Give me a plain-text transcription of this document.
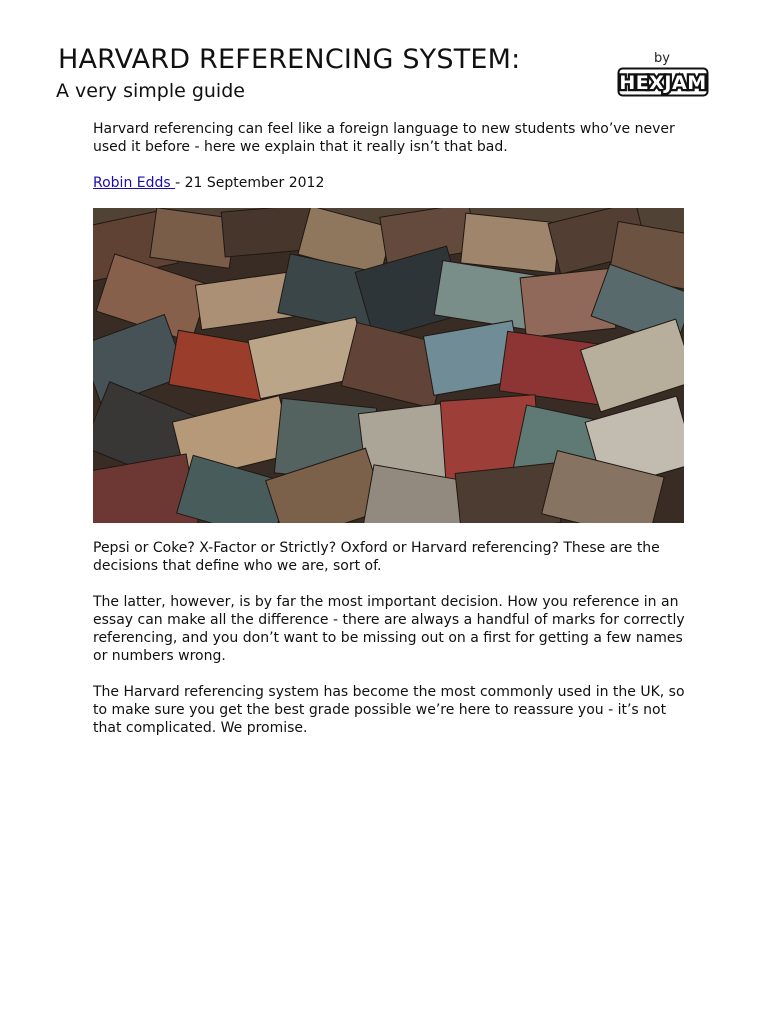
HARVARD REFERENCING SYSTEM:
A very simple guide
by
HEXJAM

Harvard referencing can feel like a foreign language to new students who’ve never used it before - here we explain that it really isn’t that bad.

Robin Edds - 21 September 2012

Pepsi or Coke? X-Factor or Strictly? Oxford or Harvard referencing? These are the decisions that define who we are, sort of.

The latter, however, is by far the most important decision. How you reference in an essay can make all the difference - there are always a handful of marks for correctly referencing, and you don’t want to be missing out on a first for getting a few names or numbers wrong.

The Harvard referencing system has become the most commonly used in the UK, so to make sure you get the best grade possible we’re here to reassure you - it’s not that complicated. We promise.
